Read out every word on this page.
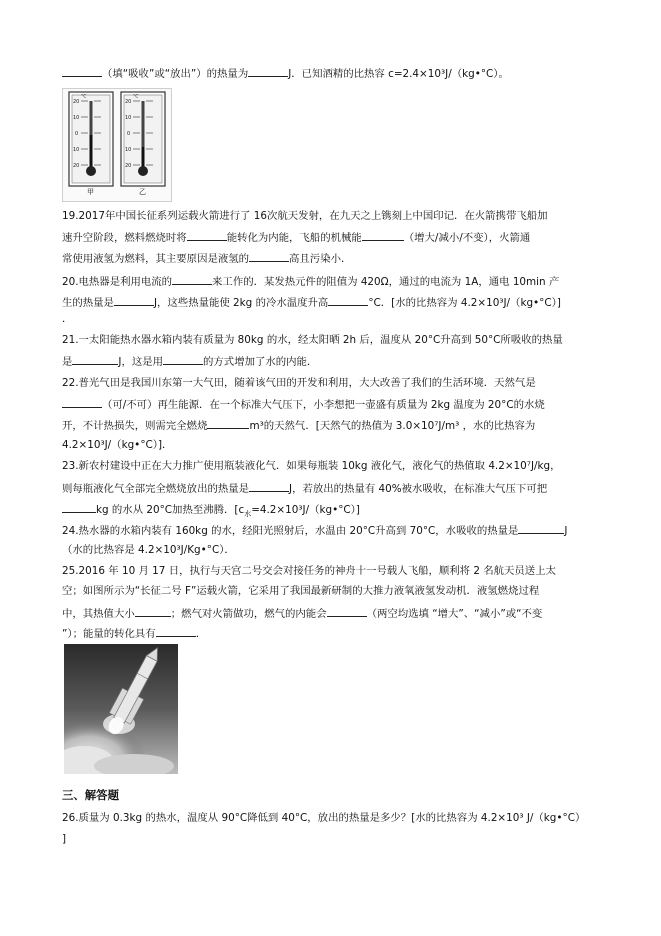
（填“吸收”或“放出”）的热量为	J．已知酒精的比热容 c=2.4×10³J/（kg•°C）。
°C
20
10
0
10
20
甲
°C
20
10
0
10
20
乙
19.2017年中国长征系列运载火箭进行了 16次航天发射，在九天之上镌刻上中国印记．在火箭携带飞船加
速升空阶段，燃料燃烧时将	能转化为内能，飞船的机械能	（增大/减小/不变），火箭通
常使用液氢为燃料，其主要原因是液氢的	高且污染小．
20.电热器是利用电流的	来工作的．某发热元件的阻值为 420Ω，通过的电流为 1A，通电 10min 产
生的热量是	J，这些热量能使 2kg 的冷水温度升高	°C．[水的比热容为 4.2×10³J/（kg•°C）]
．
21.一太阳能热水器水箱内装有质量为 80kg 的水，经太阳晒 2h 后，温度从 20°C升高到 50°C所吸收的热量
是	J，这是用	的方式增加了水的内能．
22.普光气田是我国川东第一大气田，随着该气田的开发和利用，大大改善了我们的生活环境．天然气是
（可/不可）再生能源．在一个标准大气压下，小李想把一壶盛有质量为 2kg 温度为 20°C的水烧
开，不计热损失，则需完全燃烧	m³的天然气．[天然气的热值为 3.0×10⁷J/m³ ，水的比热容为
4.2×10³J/（kg•°C）]．
23.新农村建设中正在大力推广使用瓶装液化气．如果每瓶装 10kg 液化气，液化气的热值取 4.2×10⁷J/kg，
则每瓶液化气全部完全燃烧放出的热量是	J，若放出的热量有 40%被水吸收，在标准大气压下可把
kg 的水从 20°C加热至沸腾．$[c_水=4.2\times 10^3J/(kg•^\circ C)]$
24.热水器的水箱内装有 160kg 的水，经阳光照射后，水温由 20°C升高到 70°C，水吸收的热量是	J
（水的比热容是 4.2×10³J/Kg•°C）．
25.2016 年 10 月 17 日，执行与天宫二号交会对接任务的神舟十一号载人飞船，顺利将 2 名航天员送上太
空；如图所示为“长征二号 F”运载火箭，它采用了我国最新研制的大推力液氧液氢发动机．液氢燃烧过程
中，其热值大小	；燃气对火箭做功，燃气的内能会	（两空均选填 “增大”、“减小”或“不变
”）；能量的转化具有	.
三、解答题
26.质量为 0.3kg 的热水，温度从 90°C降低到 40°C，放出的热量是多少？[水的比热容为 4.2×10³ J/（kg•°C）
]
